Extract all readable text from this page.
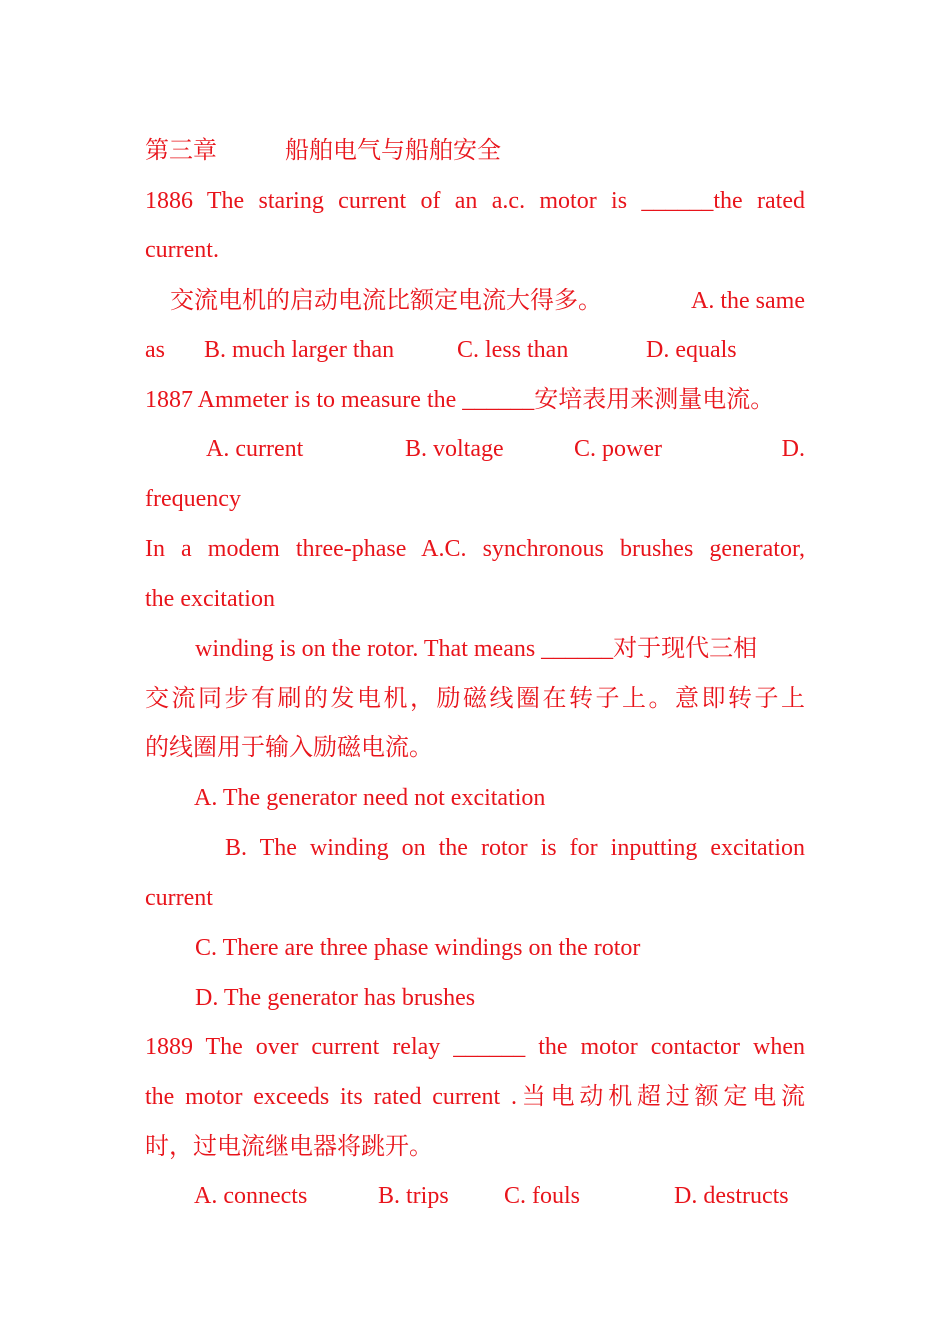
第三章	船舶电气与船舶安全
1886 The staring current of an a.c. motor is ______the rated
current.
交流电机的启动电流比额定电流大得多。	A. the same
as B. much larger than	C. less than	D. equals
1887 Ammeter is to measure the ______安培表用来测量电流。
A. current	B. voltage	C. power	D.
frequency
In a modem three-phase A.C. synchronous brushes generator,
the excitation
winding is on the rotor. That means ______对于现代三相
交流同步有刷的发电机，励磁线圈在转子上。意即转子上
的线圈用于输入励磁电流。
A. The generator need not excitation
B. The winding on the rotor is for inputting excitation
current
C. There are three phase windings on the rotor
D. The generator has brushes
1889 The over current relay ______ the motor contactor when
the motor exceeds its rated current .当电动机超过额定电流
时，过电流继电器将跳开。
A. connects	B. trips C. fouls	D. destructs
